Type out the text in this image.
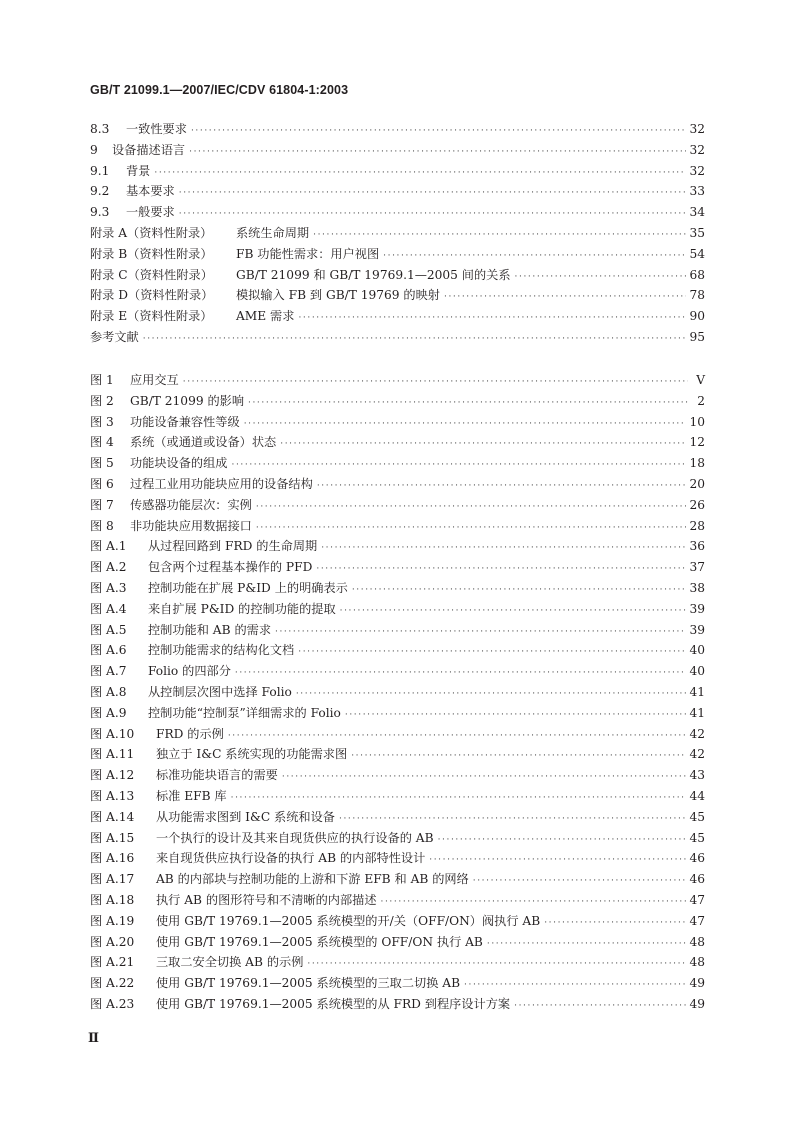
GB/T 21099.1—2007/IEC/CDV 61804-1:2003
8.3	一致性要求 ·····	32
9	设备描述语言 ·····	32
9.1	背景 ·····	32
9.2	基本要求 ·····	33
9.3	一般要求 ·····	34
附录 A（资料性附录）	系统生命周期 ·····	35
附录 B（资料性附录）	FB 功能性需求：用户视图 ·····	54
附录 C（资料性附录）	GB/T 21099 和 GB/T 19769.1—2005 间的关系 ·····	68
附录 D（资料性附录）	模拟输入 FB 到 GB/T 19769 的映射 ·····	78
附录 E（资料性附录）	AME 需求 ·····	90
参考文献 ·····	95
图 1	应用交互 ·····	V
图 2	GB/T 21099 的影响 ·····	2
图 3	功能设备兼容性等级 ·····	10
图 4	系统（或通道或设备）状态 ·····	12
图 5	功能块设备的组成 ·····	18
图 6	过程工业用功能块应用的设备结构 ·····	20
图 7	传感器功能层次：实例 ·····	26
图 8	非功能块应用数据接口 ·····	28
图 A.1	从过程回路到 FRD 的生命周期 ·····	36
图 A.2	包含两个过程基本操作的 PFD ·····	37
图 A.3	控制功能在扩展 P&ID 上的明确表示 ·····	38
图 A.4	来自扩展 P&ID 的控制功能的提取 ·····	39
图 A.5	控制功能和 AB 的需求 ·····	39
图 A.6	控制功能需求的结构化文档 ·····	40
图 A.7	Folio 的四部分 ·····	40
图 A.8	从控制层次图中选择 Folio ·····	41
图 A.9	控制功能“控制泵”详细需求的 Folio ·····	41
图 A.10	FRD 的示例 ·····	42
图 A.11	独立于 I&C 系统实现的功能需求图 ·····	42
图 A.12	标准功能块语言的需要 ·····	43
图 A.13	标准 EFB 库 ·····	44
图 A.14	从功能需求图到 I&C 系统和设备 ·····	45
图 A.15	一个执行的设计及其来自现货供应的执行设备的 AB ·····	45
图 A.16	来自现货供应执行设备的执行 AB 的内部特性设计 ·····	46
图 A.17	AB 的内部块与控制功能的上游和下游 EFB 和 AB 的网络 ·····	46
图 A.18	执行 AB 的图形符号和不清晰的内部描述 ·····	47
图 A.19	使用 GB/T 19769.1—2005 系统模型的开/关（OFF/ON）阀执行 AB ·····	47
图 A.20	使用 GB/T 19769.1—2005 系统模型的 OFF/ON 执行 AB ·····	48
图 A.21	三取二安全切换 AB 的示例 ·····	48
图 A.22	使用 GB/T 19769.1—2005 系统模型的三取二切换 AB ·····	49
图 A.23	使用 GB/T 19769.1—2005 系统模型的从 FRD 到程序设计方案 ·····	49
Ⅱ
